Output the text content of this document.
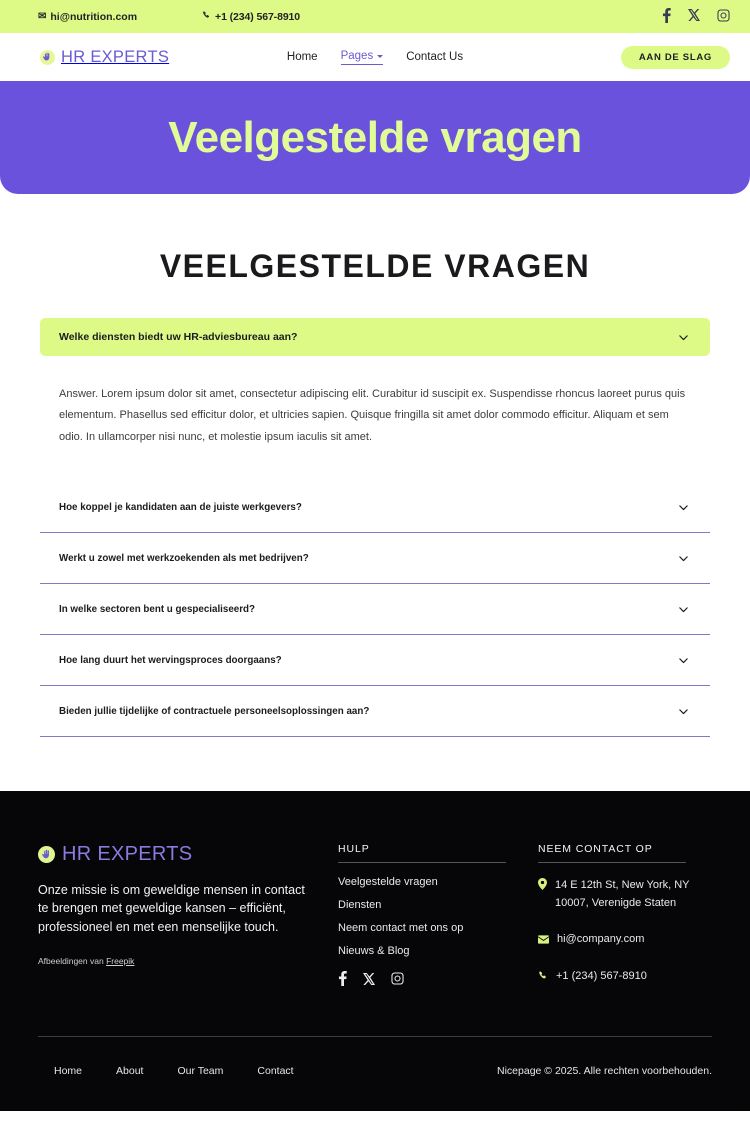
✉ hi@nutrition.com	+1 (234) 567-8910
HR EXPERTS	Home Pages	Contact Us	AAN DE SLAG
Veelgestelde vragen
VEELGESTELDE VRAGEN
Welke diensten biedt uw HR-adviesbureau aan?

Answer. Lorem ipsum dolor sit amet, consectetur adipiscing elit. Curabitur id suscipit ex. Suspendisse rhoncus laoreet purus quis elementum. Phasellus sed efficitur dolor, et ultricies sapien. Quisque fringilla sit amet dolor commodo efficitur. Aliquam et sem odio. In ullamcorper nisi nunc, et molestie ipsum iaculis sit amet.

Hoe koppel je kandidaten aan de juiste werkgevers?
Werkt u zowel met werkzoekenden als met bedrijven?
In welke sectoren bent u gespecialiseerd?
Hoe lang duurt het wervingsproces doorgaans?
Bieden jullie tijdelijke of contractuele personeelsoplossingen aan?
HR EXPERTS

Onze missie is om geweldige mensen in contact te brengen met geweldige kansen – efficiënt, professioneel en met een menselijke touch.

Afbeeldingen van Freepik
HULP
Veelgestelde vragen
Diensten
Neem contact met ons op
Nieuws & Blog
NEEM CONTACT OP
14 E 12th St, New York, NY 10007, Verenigde Staten
hi@company.com
+1 (234) 567-8910
Home	About	Our Team	Contact	Nicepage © 2025. Alle rechten voorbehouden.
